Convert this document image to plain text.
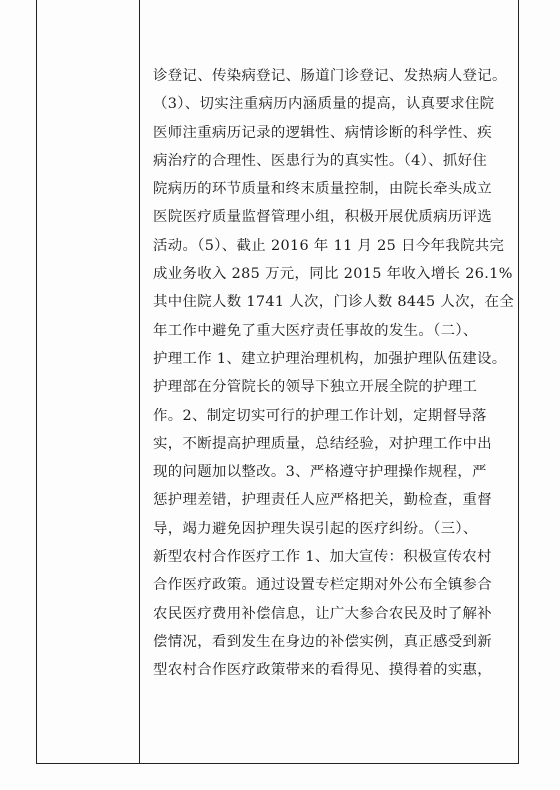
诊登记、传染病登记、肠道门诊登记、发热病人登记。
（3）、切实注重病历内涵质量的提高，认真要求住院
医师注重病历记录的逻辑性、病情诊断的科学性、疾
病治疗的合理性、医患行为的真实性。（4）、抓好住
院病历的环节质量和终末质量控制，由院长牵头成立
医院医疗质量监督管理小组，积极开展优质病历评选
活动。（5）、截止 2016 年 11 月 25 日今年我院共完
成业务收入 285 万元，同比 2015 年收入增长 26.1%
其中住院人数 1741 人次，门诊人数 8445 人次，在全
年工作中避免了重大医疗责任事故的发生。（二）、
护理工作 1、建立护理治理机构，加强护理队伍建设。
护理部在分管院长的领导下独立开展全院的护理工
作。2、制定切实可行的护理工作计划，定期督导落
实，不断提高护理质量，总结经验，对护理工作中出
现的问题加以整改。3、严格遵守护理操作规程，严
惩护理差错，护理责任人应严格把关，勤检查，重督
导，竭力避免因护理失误引起的医疗纠纷。（三）、
新型农村合作医疗工作 1、加大宣传：积极宣传农村
合作医疗政策。通过设置专栏定期对外公布全镇参合
农民医疗费用补偿信息，让广大参合农民及时了解补
偿情况，看到发生在身边的补偿实例，真正感受到新
型农村合作医疗政策带来的看得见、摸得着的实惠，
